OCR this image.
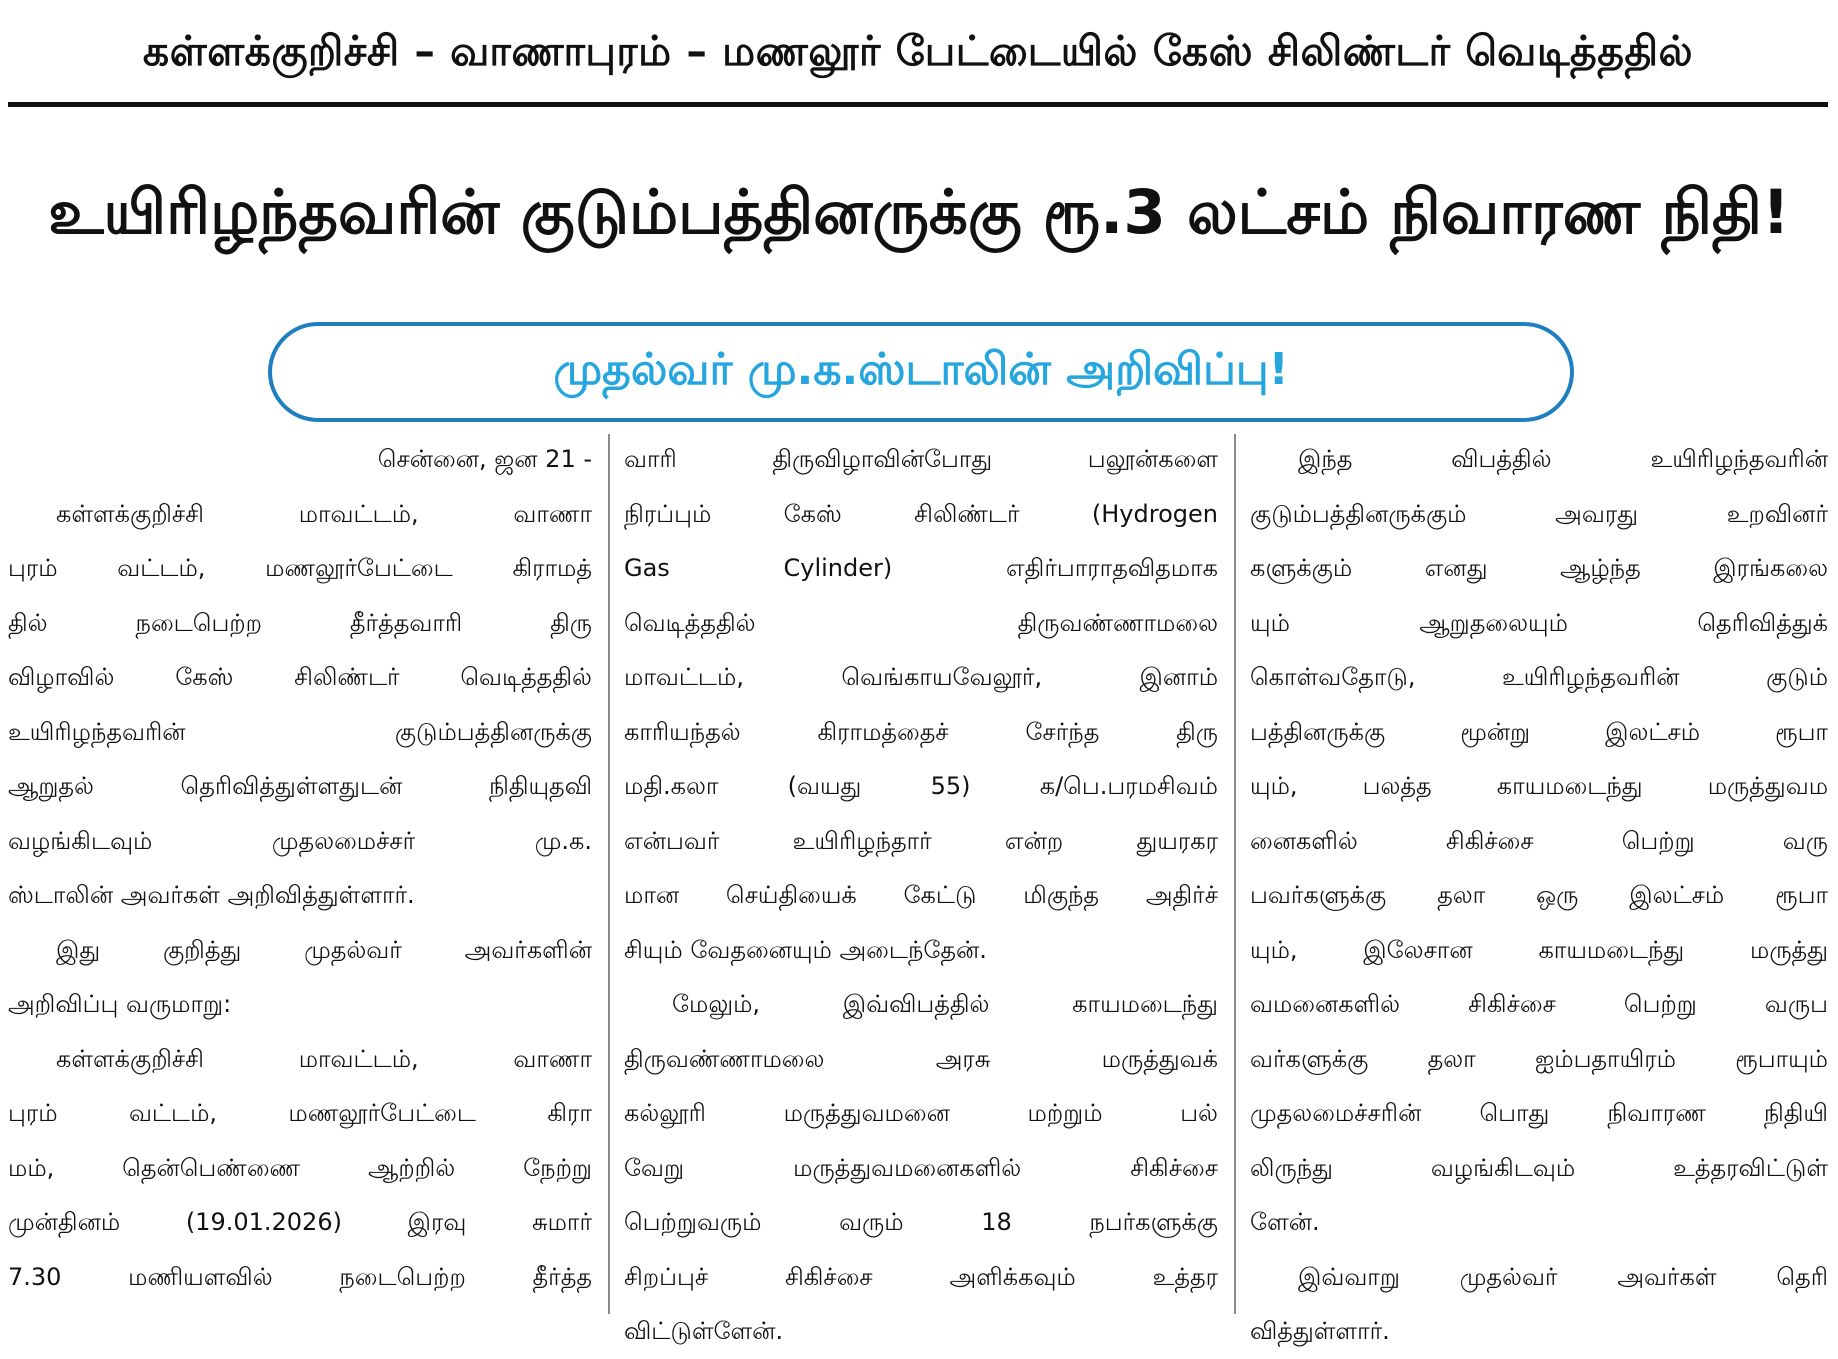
கள்ளக்குறிச்சி – வாணாபுரம் – மணலூர் பேட்டையில் கேஸ் சிலிண்டர் வெடித்ததில்
உயிரிழந்தவரின் குடும்பத்தினருக்கு ரூ.3 லட்சம் நிவாரண நிதி!
முதல்வர் மு.க.ஸ்டாலின் அறிவிப்பு!
சென்னை, ஜன 21 -
கள்ளக்குறிச்சி	மாவட்டம்,	வாணா
புரம் வட்டம், மணலூர்பேட்டை கிராமத்
தில்	நடைபெற்ற	தீர்த்தவாரி	திரு
விழாவில்	கேஸ்	சிலிண்டர்	வெடித்ததில்
உயிரிழந்தவரின்	குடும்பத்தினருக்கு
ஆறுதல்	தெரிவித்துள்ளதுடன்	நிதியுதவி
வழங்கிடவும்	முதலமைச்சர்	மு.க.
ஸ்டாலின் அவர்கள் அறிவித்துள்ளார்.
இது	குறித்து	முதல்வர்	அவர்களின்
அறிவிப்பு வருமாறு:
கள்ளக்குறிச்சி	மாவட்டம்,	வாணா
புரம்	வட்டம்,	மணலூர்பேட்டை	கிரா
மம்,	தென்பெண்ணை	ஆற்றில்	நேற்று
முன்தினம்	(19.01.2026)	இரவு	சுமார்
7.30	மணியளவில்	நடைபெற்ற	தீர்த்த
வாரி	திருவிழாவின்போது	பலூன்களை
நிரப்பும்	கேஸ்	சிலிண்டர்	(Hydrogen
Gas	Cylinder)	எதிர்பாராதவிதமாக
வெடித்ததில்	திருவண்ணாமலை
மாவட்டம்,	வெங்காயவேலூர்,	இனாம்
காரியந்தல்	கிராமத்தைச்	சேர்ந்த	திரு
மதி.கலா	(வயது	55)	க/பெ.பரமசிவம்
என்பவர்	உயிரிழந்தார்	என்ற	துயரகர
மான செய்தியைக் கேட்டு மிகுந்த அதிர்ச்
சியும் வேதனையும் அடைந்தேன்.
மேலும்,	இவ்விபத்தில்	காயமடைந்து
திருவண்ணாமலை	அரசு	மருத்துவக்
கல்லூரி	மருத்துவமனை	மற்றும்	பல்
வேறு	மருத்துவமனைகளில்	சிகிச்சை
பெற்றுவரும்	வரும்	18	நபர்களுக்கு
சிறப்புச்	சிகிச்சை	அளிக்கவும்	உத்தர
விட்டுள்ளேன்.
இந்த	விபத்தில்	உயிரிழந்தவரின்
குடும்பத்தினருக்கும்	அவரது	உறவினர்
களுக்கும்	எனது	ஆழ்ந்த	இரங்கலை
யும்	ஆறுதலையும்	தெரிவித்துக்
கொள்வதோடு,	உயிரிழந்தவரின்	குடும்
பத்தினருக்கு	மூன்று	இலட்சம்	ரூபா
யும்,	பலத்த	காயமடைந்து	மருத்துவம
னைகளில்	சிகிச்சை	பெற்று	வரு
பவர்களுக்கு தலா ஒரு இலட்சம் ரூபா
யும்,	இலேசான	காயமடைந்து	மருத்து
வமனைகளில்	சிகிச்சை	பெற்று	வருப
வர்களுக்கு தலா ஐம்பதாயிரம் ரூபாயும்
முதலமைச்சரின் பொது நிவாரண நிதியி
லிருந்து	வழங்கிடவும்	உத்தரவிட்டுள்
ளேன்.
இவ்வாறு முதல்வர் அவர்கள் தெரி
வித்துள்ளார்.
